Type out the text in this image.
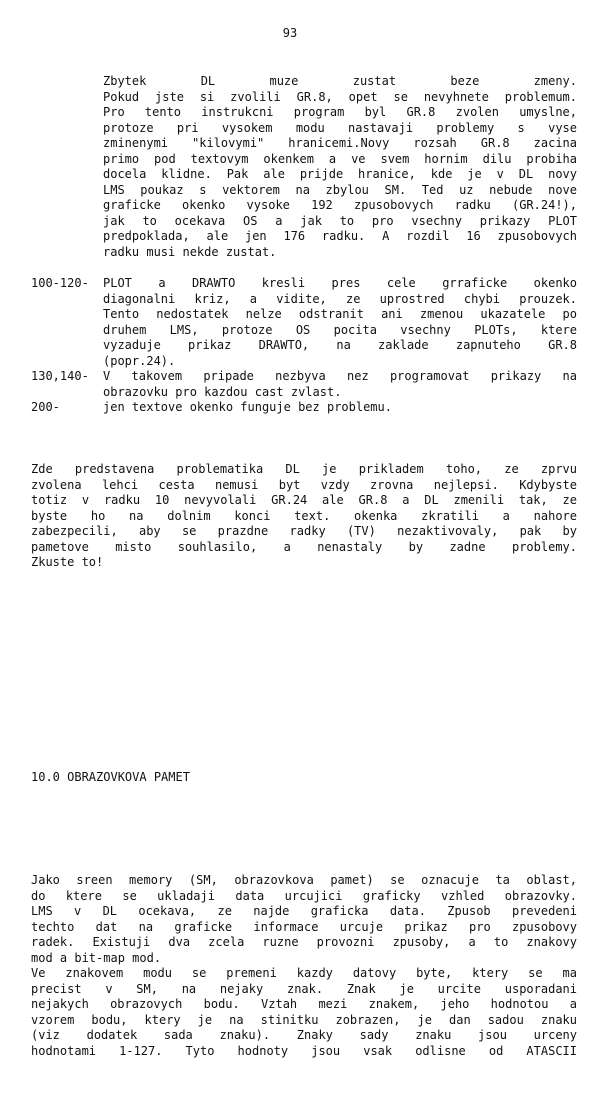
93
Zbytek DL muze zustat beze zmeny.
Pokud jste si zvolili GR.8, opet se nevyhnete problemum.
Pro tento instrukcni program byl GR.8 zvolen umyslne,
protoze pri vysokem modu nastavaji problemy s vyse
zminenymi "kilovymi" hranicemi.Novy rozsah GR.8 zacina
primo pod textovym okenkem a ve svem hornim dilu probiha
docela klidne. Pak ale prijde hranice, kde je v DL novy
LMS poukaz s vektorem na zbylou SM. Ted uz nebude nove
graficke okenko vysoke 192 zpusobovych radku (GR.24!),
jak to ocekava OS a jak to pro vsechny prikazy PLOT
predpoklada, ale jen 176 radku. A rozdil 16 zpusobovych
radku musi nekde zustat.
100-120-	PLOT a DRAWTO kresli pres cele grraficke okenko
diagonalni kriz, a vidite, ze uprostred chybi prouzek.
Tento nedostatek nelze odstranit ani zmenou ukazatele po
druhem LMS, protoze OS pocita vsechny PLOTs, ktere
vyzaduje prikaz DRAWTO, na zaklade zapnuteho GR.8
(popr.24).
130,140-	V takovem pripade nezbyva nez programovat prikazy na
obrazovku pro kazdou cast zvlast.
200-	jen textove okenko funguje bez problemu.
Zde predstavena problematika DL je prikladem toho, ze zprvu
zvolena lehci cesta nemusi byt vzdy zrovna nejlepsi. Kdybyste
totiz v radku 10 nevyvolali GR.24 ale GR.8 a DL zmenili tak, ze
byste ho na dolnim konci text. okenka zkratili a nahore
zabezpecili, aby se prazdne radky (TV) nezaktivovaly, pak by
pametove misto souhlasilo, a nenastaly by zadne problemy.
Zkuste to!
10.0 OBRAZOVKOVA PAMET
Jako sreen memory (SM, obrazovkova pamet) se oznacuje ta oblast,
do ktere se ukladaji data urcujici graficky vzhled obrazovky.
LMS v DL ocekava, ze najde graficka data. Zpusob prevedeni
techto dat na graficke informace urcuje prikaz pro zpusobovy
radek. Existuji dva zcela ruzne provozni zpusoby, a to znakovy
mod a bit-map mod.
Ve znakovem modu se premeni kazdy datovy byte, ktery se ma
precist v SM, na nejaky znak. Znak je urcite usporadani
nejakych obrazovych bodu. Vztah mezi znakem, jeho hodnotou a
vzorem bodu, ktery je na stinitku zobrazen, je dan sadou znaku
(viz dodatek sada znaku). Znaky sady znaku jsou urceny
hodnotami 1-127. Tyto hodnoty jsou vsak odlisne od ATASCII
